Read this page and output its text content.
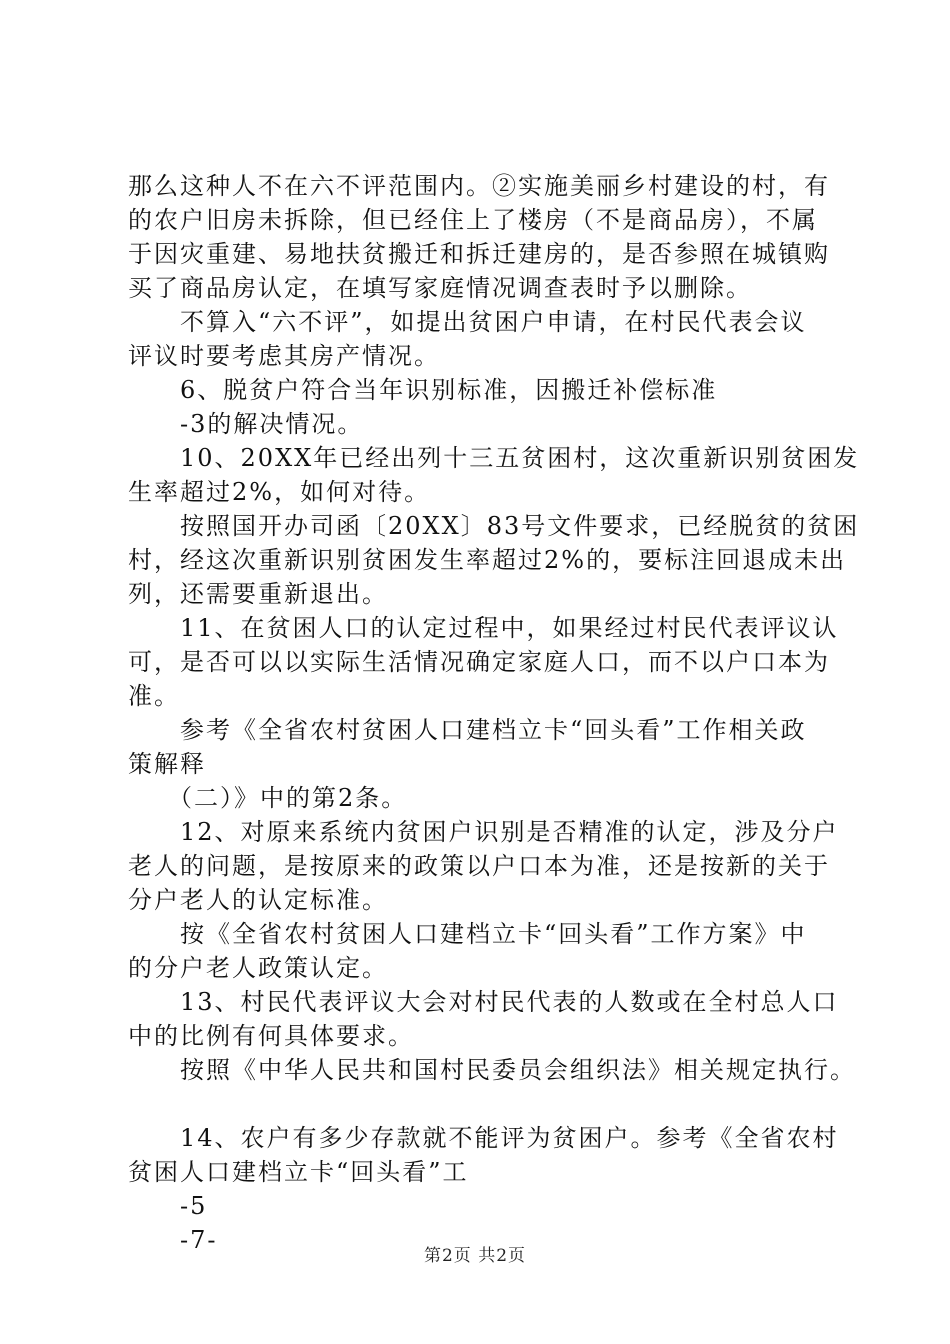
那么这种人不在六不评范围内。②实施美丽乡村建设的村，有
的农户旧房未拆除，但已经住上了楼房（不是商品房），不属
于因灾重建、易地扶贫搬迁和拆迁建房的，是否参照在城镇购
买了商品房认定，在填写家庭情况调查表时予以删除。
　　不算入“六不评”，如提出贫困户申请，在村民代表会议
评议时要考虑其房产情况。
　　6、脱贫户符合当年识别标准，因搬迁补偿标准
　　-3的解决情况。
　　10、20XX年已经出列十三五贫困村，这次重新识别贫困发
生率超过2%，如何对待。
　　按照国开办司函〔20XX〕83号文件要求，已经脱贫的贫困
村，经这次重新识别贫困发生率超过2%的，要标注回退成未出
列，还需要重新退出。
　　11、在贫困人口的认定过程中，如果经过村民代表评议认
可，是否可以以实际生活情况确定家庭人口，而不以户口本为
准。
　　参考《全省农村贫困人口建档立卡“回头看”工作相关政
策解释
　　（二）》中的第2条。
　　12、对原来系统内贫困户识别是否精准的认定，涉及分户
老人的问题，是按原来的政策以户口本为准，还是按新的关于
分户老人的认定标准。
　　按《全省农村贫困人口建档立卡“回头看”工作方案》中
的分户老人政策认定。
　　13、村民代表评议大会对村民代表的人数或在全村总人口
中的比例有何具体要求。
　　按照《中华人民共和国村民委员会组织法》相关规定执行。
　　14、农户有多少存款就不能评为贫困户。参考《全省农村
贫困人口建档立卡“回头看”工
　　-5
　　-7-
第2页 共2页
